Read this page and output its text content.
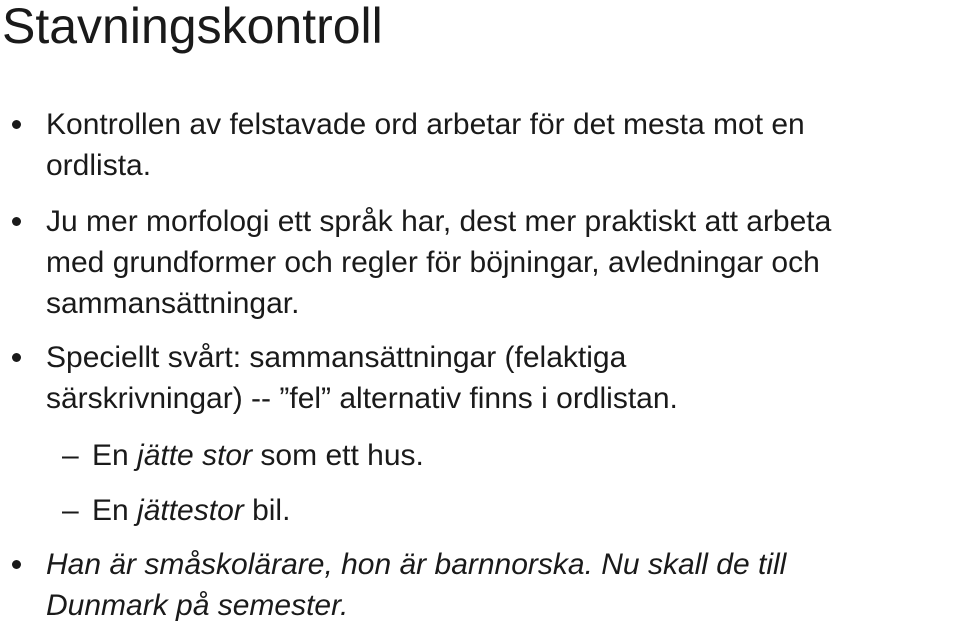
Stavningskontroll
Kontrollen av felstavade ord arbetar för det mesta mot en
ordlista.
Ju mer morfologi ett språk har, dest mer praktiskt att arbeta
med grundformer och regler för böjningar, avledningar och
sammansättningar.
Speciellt svårt: sammansättningar (felaktiga
särskrivningar) -- ”fel” alternativ finns i ordlistan.
– En jätte stor som ett hus.
– En jättestor bil.
Han är småskolärare, hon är barnnorska. Nu skall de till
Dunmark på semester.
